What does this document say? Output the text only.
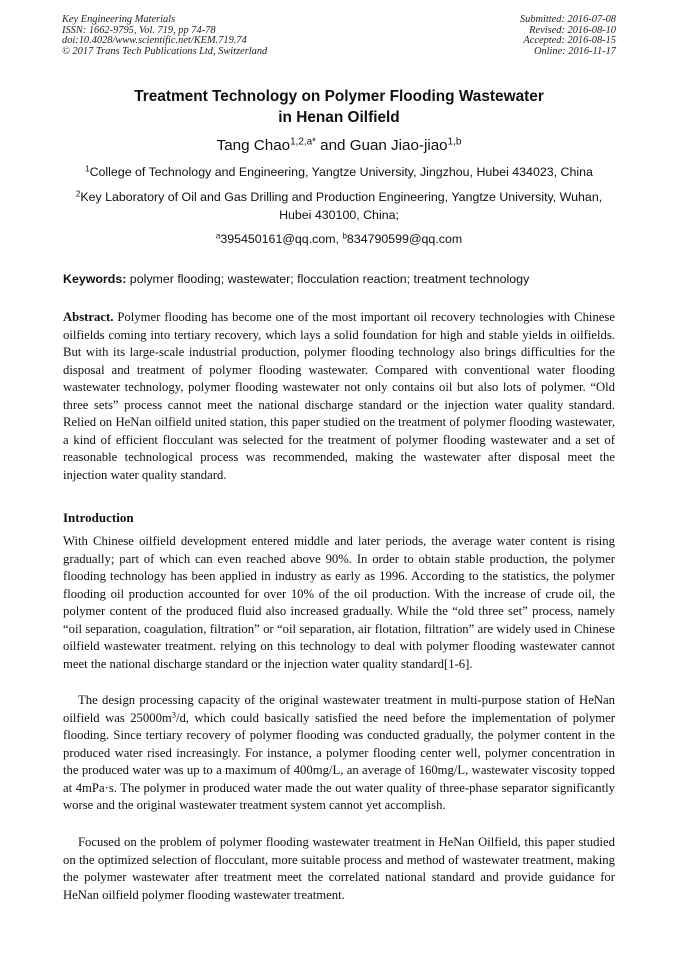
Key Engineering Materials
ISSN: 1662-9795, Vol. 719, pp 74-78
doi:10.4028/www.scientific.net/KEM.719.74
© 2017 Trans Tech Publications Ltd, Switzerland
Submitted: 2016-07-08
Revised: 2016-08-10
Accepted: 2016-08-15
Online: 2016-11-17
Treatment Technology on Polymer Flooding Wastewater
in Henan Oilfield
Tang Chao$^{1,2,a*}$ and Guan Jiao-jiao$^{1,b}$
$^1$College of Technology and Engineering, Yangtze University, Jingzhou, Hubei 434023, China
$^2$Key Laboratory of Oil and Gas Drilling and Production Engineering, Yangtze University, Wuhan, Hubei 430100, China;
$^a$395450161@qq.com, $^b$834790599@qq.com
Keywords: polymer flooding; wastewater; flocculation reaction; treatment technology
Abstract. Polymer flooding has become one of the most important oil recovery technologies with Chinese oilfields coming into tertiary recovery, which lays a solid foundation for high and stable yields in oilfields. But with its large-scale industrial production, polymer flooding technology also brings difficulties for the disposal and treatment of polymer flooding wastewater. Compared with conventional water flooding wastewater technology, polymer flooding wastewater not only contains oil but also lots of polymer. “Old three sets” process cannot meet the national discharge standard or the injection water quality standard. Relied on HeNan oilfield united station, this paper studied on the treatment of polymer flooding wastewater, a kind of efficient flocculant was selected for the treatment of polymer flooding wastewater and a set of reasonable technological process was recommended, making the wastewater after disposal meet the injection water quality standard.
Introduction
With Chinese oilfield development entered middle and later periods, the average water content is rising gradually; part of which can even reached above 90%. In order to obtain stable production, the polymer flooding technology has been applied in industry as early as 1996. According to the statistics, the polymer flooding oil production accounted for over 10% of the oil production. With the increase of crude oil, the polymer content of the produced fluid also increased gradually. While the “old three set” process, namely “oil separation, coagulation, filtration” or “oil separation, air flotation, filtration” are widely used in Chinese oilfield wastewater treatment. relying on this technology to deal with polymer flooding wastewater cannot meet the national discharge standard or the injection water quality standard[1-6].
The design processing capacity of the original wastewater treatment in multi-purpose station of HeNan oilfield was $25000m^3/d$, which could basically satisfied the need before the implementation of polymer flooding. Since tertiary recovery of polymer flooding was conducted gradually, the polymer content in the produced water rised increasingly. For instance, a polymer flooding center well, polymer concentration in the produced water was up to a maximum of 400mg/L, an average of 160mg/L, wastewater viscosity topped at 4mPa·s. The polymer in produced water made the out water quality of three-phase separator significantly worse and the original wastewater treatment system cannot yet accomplish.
Focused on the problem of polymer flooding wastewater treatment in HeNan Oilfield, this paper studied on the optimized selection of flocculant, more suitable process and method of wastewater treatment, making the polymer wastewater after treatment meet the correlated national standard and provide guidance for HeNan oilfield polymer flooding wastewater treatment.
